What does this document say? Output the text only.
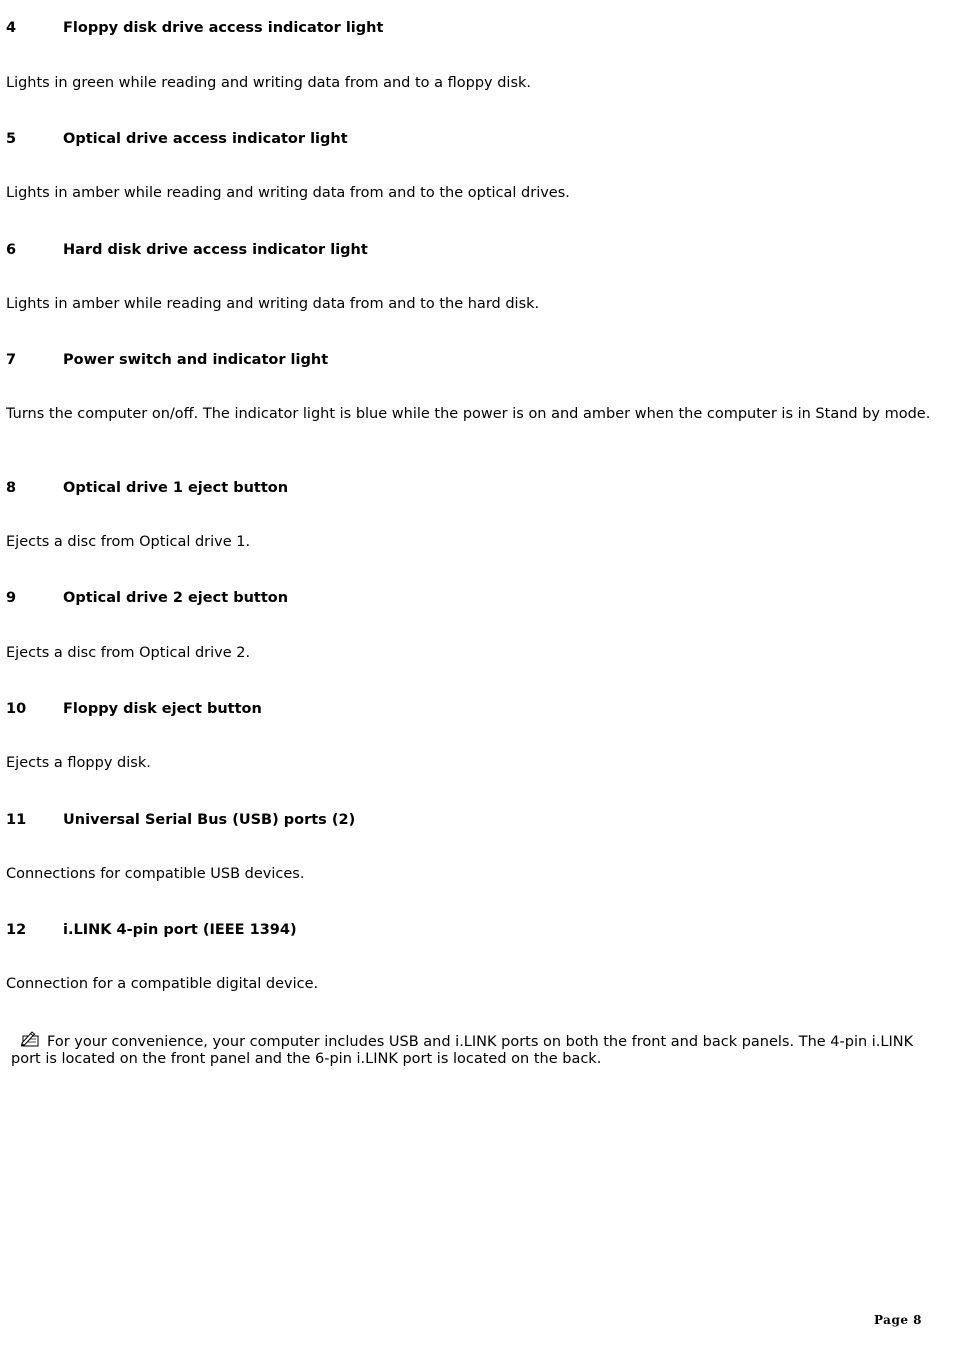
4	Floppy disk drive access indicator light
Lights in green while reading and writing data from and to a floppy disk.
5	Optical drive access indicator light
Lights in amber while reading and writing data from and to the optical drives.
6	Hard disk drive access indicator light
Lights in amber while reading and writing data from and to the hard disk.
7	Power switch and indicator light
Turns the computer on/off. The indicator light is blue while the power is on and amber when the computer is in Stand by mode.
8	Optical drive 1 eject button
Ejects a disc from Optical drive 1.
9	Optical drive 2 eject button
Ejects a disc from Optical drive 2.
10	Floppy disk eject button
Ejects a floppy disk.
11	Universal Serial Bus (USB) ports (2)
Connections for compatible USB devices.
12	i.LINK 4-pin port (IEEE 1394)
Connection for a compatible digital device.
For your convenience, your computer includes USB and i.LINK ports on both the front and back panels. The 4-pin i.LINK port is located on the front panel and the 6-pin i.LINK port is located on the back.
Page 8
